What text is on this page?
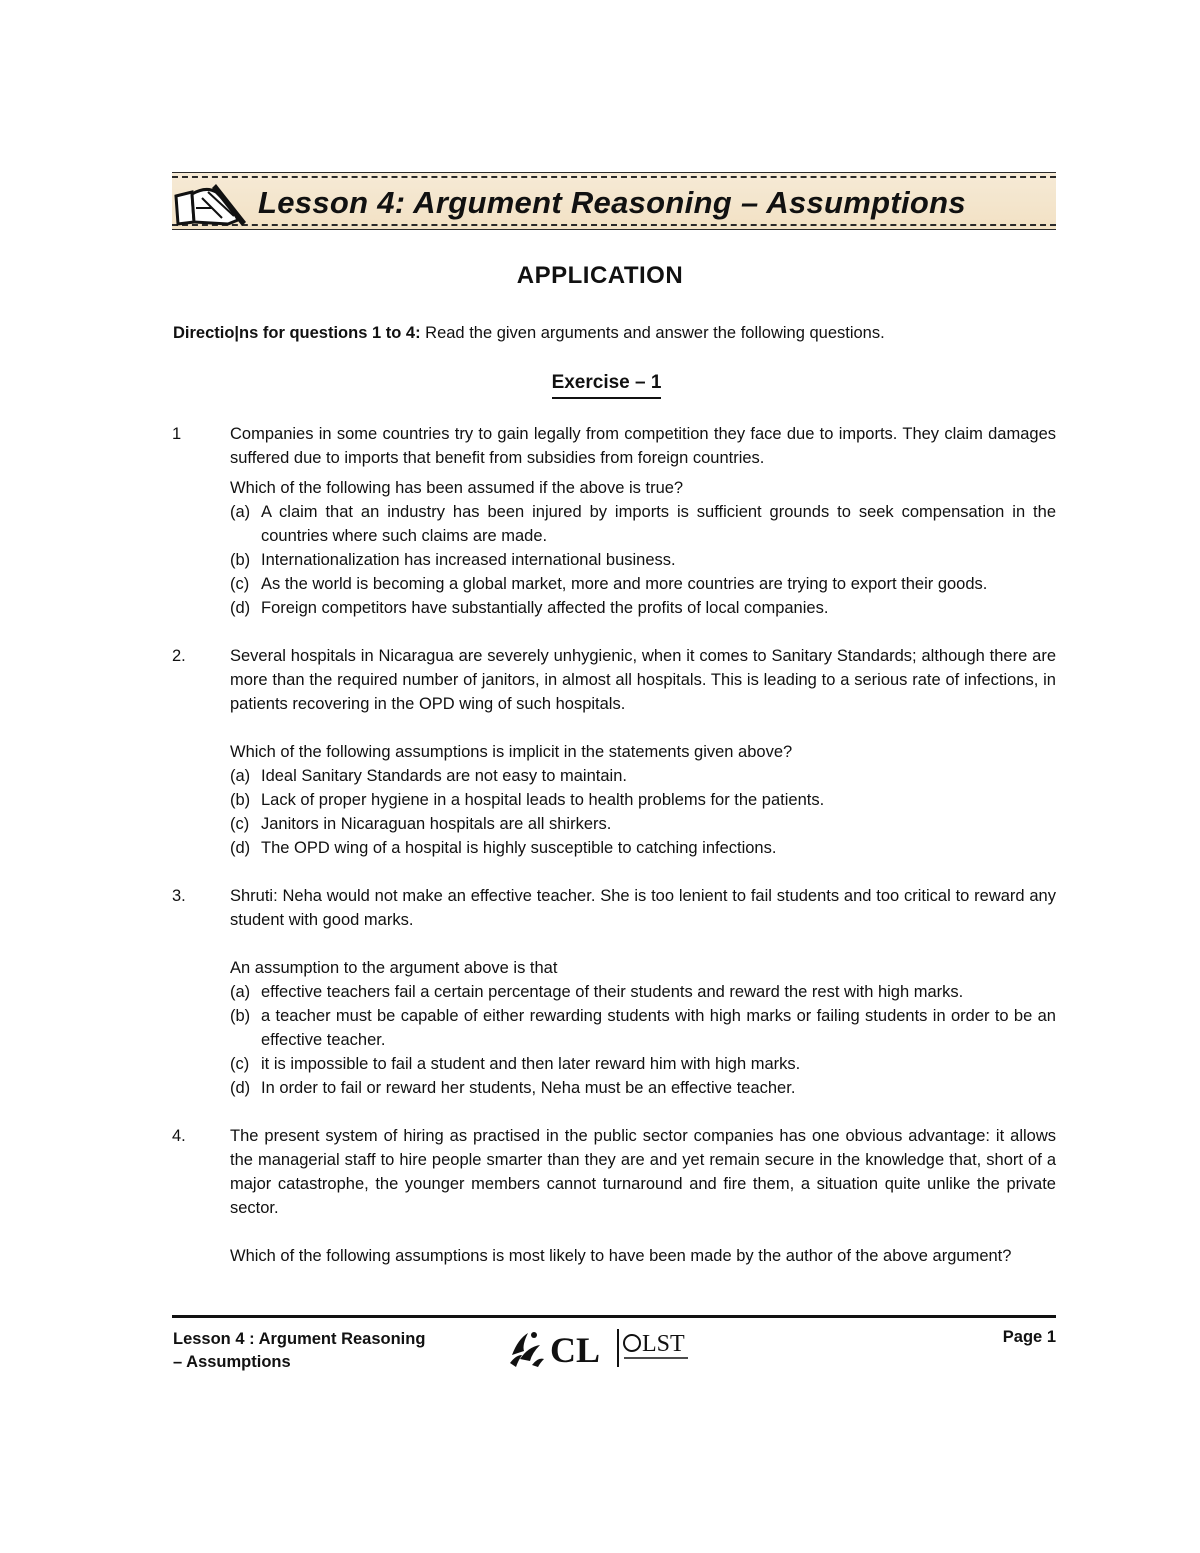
Lesson 4: Argument Reasoning – Assumptions
APPLICATION
Directio|ns for questions 1 to 4: Read the given arguments and answer the following questions.
Exercise – 1
1	Companies in some countries try to gain legally from competition they face due to imports. They claim damages suffered due to imports that benefit from subsidies from foreign countries.

Which of the following has been assumed if the above is true?

(a) A claim that an industry has been injured by imports is sufficient grounds to seek compensation in the countries where such claims are made.
(b) Internationalization has increased international business.
(c) As the world is becoming a global market, more and more countries are trying to export their goods.
(d) Foreign competitors have substantially affected the profits of local companies.
2.	Several hospitals in Nicaragua are severely unhygienic, when it comes to Sanitary Standards; although there are more than the required number of janitors, in almost all hospitals. This is leading to a serious rate of infections, in patients recovering in the OPD wing of such hospitals.

Which of the following assumptions is implicit in the statements given above?

(a) Ideal Sanitary Standards are not easy to maintain.
(b) Lack of proper hygiene in a hospital leads to health problems for the patients.
(c) Janitors in Nicaraguan hospitals are all shirkers.
(d) The OPD wing of a hospital is highly susceptible to catching infections.
3.	Shruti: Neha would not make an effective teacher. She is too lenient to fail students and too critical to reward any student with good marks.

An assumption to the argument above is that

(a) effective teachers fail a certain percentage of their students and reward the rest with high marks.
(b) a teacher must be capable of either rewarding students with high marks or failing students in order to be an effective teacher.
(c) it is impossible to fail a student and then later reward him with high marks.
(d) In order to fail or reward her students, Neha must be an effective teacher.
4.	The present system of hiring as practised in the public sector companies has one obvious advantage: it allows the managerial staff to hire people smarter than they are and yet remain secure in the knowledge that, short of a major catastrophe, the younger members cannot turnaround and fire them, a situation quite unlike the private sector.

Which of the following assumptions is most likely to have been made by the author of the above argument?

Lesson 4 : Argument Reasoning
– Assumptions	CL LST	Page 1
